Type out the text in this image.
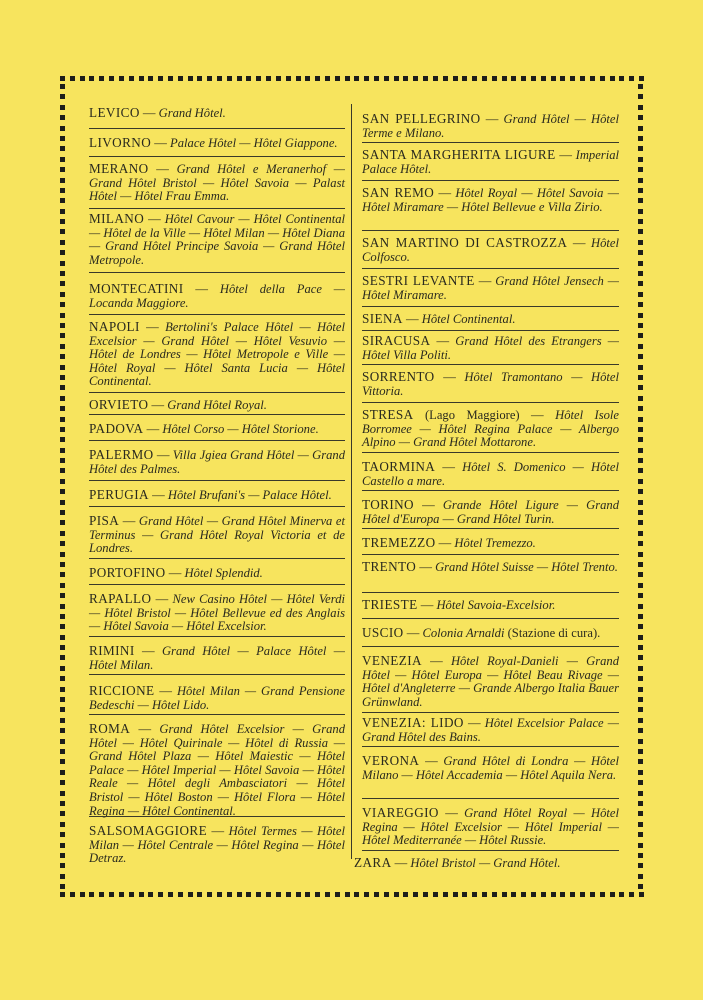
LEVICO — Grand Hôtel.
LIVORNO — Palace Hôtel — Hôtel Giappone.
MERANO — Grand Hôtel e Meranerhof — Grand Hôtel Bristol — Hôtel Savoia — Palast Hôtel — Hôtel Frau Emma.
MILANO — Hôtel Cavour — Hôtel Continental — Hôtel de la Ville — Hôtel Milan — Hôtel Diana — Grand Hôtel Principe Savoia — Grand Hôtel Metropole.
MONTECATINI — Hôtel della Pace — Locanda Maggiore.
NAPOLI — Bertolini's Palace Hôtel — Hôtel Excelsior — Grand Hôtel — Hôtel Vesuvio — Hôtel de Londres — Hôtel Metropole e Ville — Hôtel Royal — Hôtel Santa Lucia — Hôtel Continental.
ORVIETO — Grand Hôtel Royal.
PADOVA — Hôtel Corso — Hôtel Storione.
PALERMO — Villa Jgiea Grand Hôtel — Grand Hôtel des Palmes.
PERUGIA — Hôtel Brufani's — Palace Hôtel.
PISA — Grand Hôtel — Grand Hôtel Minerva et Terminus — Grand Hôtel Royal Victoria et de Londres.
PORTOFINO — Hôtel Splendid.
RAPALLO — New Casino Hôtel — Hôtel Verdi — Hôtel Bristol — Hôtel Bellevue ed des Anglais — Hôtel Savoia — Hôtel Excelsior.
RIMINI — Grand Hôtel — Palace Hôtel — Hôtel Milan.
RICCIONE — Hôtel Milan — Grand Pensione Bedeschi — Hôtel Lido.
ROMA — Grand Hôtel Excelsior — Grand Hôtel — Hôtel Quirinale — Hôtel di Russia — Grand Hôtel Plaza — Hôtel Maiestic — Hôtel Palace — Hôtel Imperial — Hôtel Savoia — Hôtel Reale — Hôtel degli Ambasciatori — Hôtel Bristol — Hôtel Boston — Hôtel Flora — Hôtel Regina — Hôtel Continental.
SALSOMAGGIORE — Hôtel Termes — Hôtel Milan — Hôtel Centrale — Hôtel Regina — Hôtel Detraz.
SAN PELLEGRINO — Grand Hôtel — Hôtel Terme e Milano.
SANTA MARGHERITA LIGURE — Imperial Palace Hôtel.
SAN REMO — Hôtel Royal — Hôtel Savoia — Hôtel Miramare — Hôtel Bellevue e Villa Zirio.
SAN MARTINO DI CASTROZZA — Hôtel Colfosco.
SESTRI LEVANTE — Grand Hôtel Jensech — Hôtel Miramare.
SIENA — Hôtel Continental.
SIRACUSA — Grand Hôtel des Etrangers — Hôtel Villa Politi.
SORRENTO — Hôtel Tramontano — Hôtel Vittoria.
STRESA (Lago Maggiore) — Hôtel Isole Borromee — Hôtel Regina Palace — Albergo Alpino — Grand Hôtel Mottarone.
TAORMINA — Hôtel S. Domenico — Hôtel Castello a mare.
TORINO — Grande Hôtel Ligure — Grand Hôtel d'Europa — Grand Hôtel Turin.
TREMEZZO — Hôtel Tremezzo.
TRENTO — Grand Hôtel Suisse — Hôtel Trento.
TRIESTE — Hôtel Savoia-Excelsior.
USCIO — Colonia Arnaldi (Stazione di cura).
VENEZIA — Hôtel Royal-Danieli — Grand Hôtel — Hôtel Europa — Hôtel Beau Rivage — Hôtel d'Angleterre — Grande Albergo Italia Bauer Grünwland.
VENEZIA: LIDO — Hôtel Excelsior Palace — Grand Hôtel des Bains.
VERONA — Grand Hôtel di Londra — Hôtel Milano — Hôtel Accademia — Hôtel Aquila Nera.
VIAREGGIO — Grand Hôtel Royal — Hôtel Regina — Hôtel Excelsior — Hôtel Imperial — Hôtel Mediterranée — Hôtel Russie.
ZARA — Hôtel Bristol — Grand Hôtel.
